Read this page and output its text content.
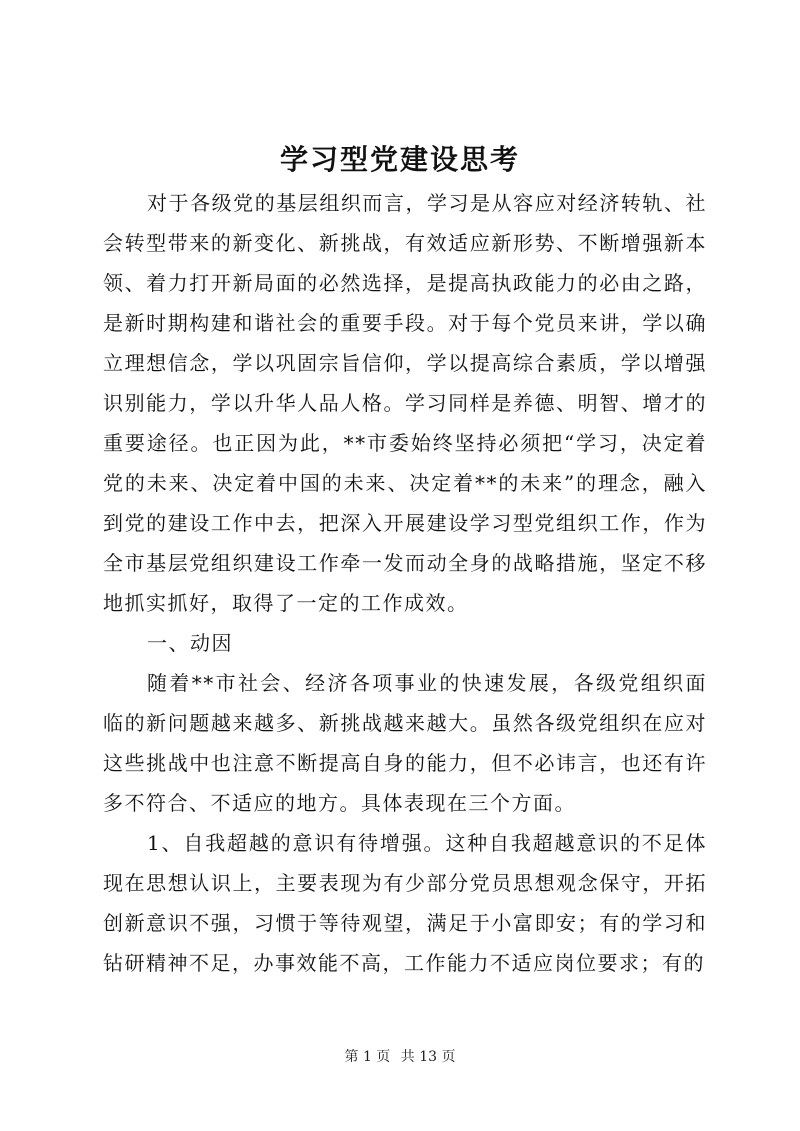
学习型党建设思考

对于各级党的基层组织而言，学习是从容应对经济转轨、社会转型带来的新变化、新挑战，有效适应新形势、不断增强新本领、着力打开新局面的必然选择，是提高执政能力的必由之路，是新时期构建和谐社会的重要手段。对于每个党员来讲，学以确立理想信念，学以巩固宗旨信仰，学以提高综合素质，学以增强识别能力，学以升华人品人格。学习同样是养德、明智、增才的重要途径。也正因为此，**市委始终坚持必须把“学习，决定着党的未来、决定着中国的未来、决定着**的未来”的理念，融入到党的建设工作中去，把深入开展建设学习型党组织工作，作为全市基层党组织建设工作牵一发而动全身的战略措施，坚定不移地抓实抓好，取得了一定的工作成效。

一、动因

随着**市社会、经济各项事业的快速发展，各级党组织面临的新问题越来越多、新挑战越来越大。虽然各级党组织在应对这些挑战中也注意不断提高自身的能力，但不必讳言，也还有许多不符合、不适应的地方。具体表现在三个方面。

1、自我超越的意识有待增强。这种自我超越意识的不足体现在思想认识上，主要表现为有少部分党员思想观念保守，开拓创新意识不强，习惯于等待观望，满足于小富即安；有的学习和钻研精神不足，办事效能不高，工作能力不适应岗位要求；有的

第 1 页 共 13 页
